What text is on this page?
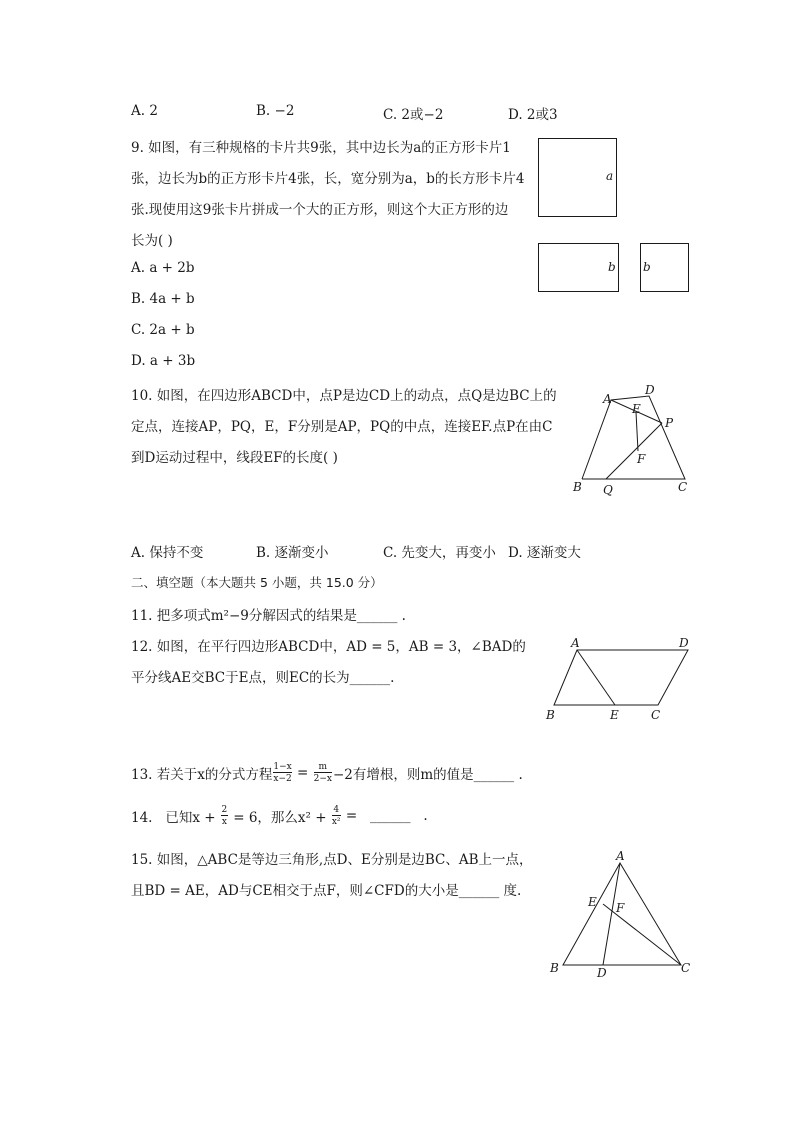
A. 2	B. −2	C. 2或−2	D. 2或3
9. 如图，有三种规格的卡片共9张，其中边长为a的正方形卡片1
张，边长为b的正方形卡片4张，长，宽分别为a，b的长方形卡片4
张.现使用这9张卡片拼成一个大的正方形，则这个大正方形的边
长为( )
A. a + 2b
B. 4a + b
C. 2a + b
D. a + 3b
a
b b
10. 如图，在四边形ABCD中，点P是边CD上的动点，点Q是边BC上的
定点，连接AP，PQ，E，F分别是AP，PQ的中点，连接EF.点P在由C
到D运动过程中，线段EF的长度( )
A
D
E
P
F
B Q	C
A. 保持不变	B. 逐渐变小	C. 先变大，再变小 D. 逐渐变大
二、填空题（本大题共 5 小题，共 15.0 分）
11. 把多项式m²−9分解因式的结果是______ .
12. 如图，在平行四边形ABCD中，AD = 5，AB = 3，∠BAD的
平分线AE交BC于E点，则EC的长为______.
A	D
B	E	C
13. 若关于x的分式方程 $\frac{1-x}{x-2} = \frac{m}{2-x} -2$有增根，则m的值是______ .
14.   已知$x + \frac{2}{x} = 6$，那么$x^2 + \frac{4}{\text{x²}}$ =   ______   .
15. 如图，△ABC是等边三角形,点D、E分别是边BC、AB上一点，
且BD = AE，AD与CE相交于点F，则∠CFD的大小是______ 度.
A
E F
B	D	C
